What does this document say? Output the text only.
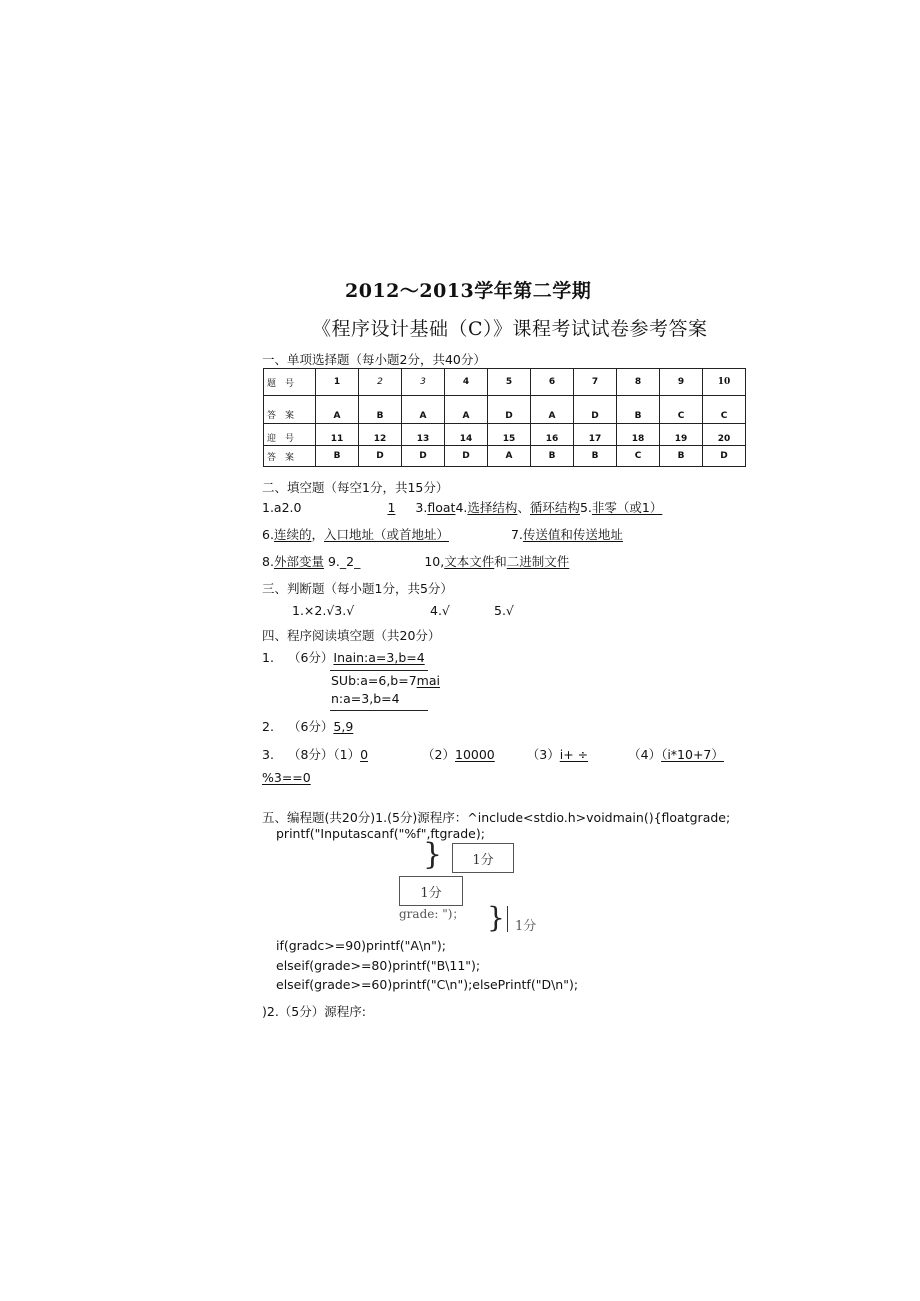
2012～2013学年第二学期
《程序设计基础（C）》课程考试试卷参考答案
一、单项选择题（每小题2分，共40分）
题号	1	2	3	4	5	6	7	8	9	10
答案	A	B	A	A	D	A	D	B	C	C
迎号	11	12	13	14	15	16	17	18	19	20
答案	B	D	D	D	A	B	B	C	B	D
二、填空题（每空1分，共15分）
1.a2.0	1 3.float4.选择结构、循环结构5.非零（或1）
6.连续的，入口地址（或首地址）	7.传送值和传送地址
8.外部变量 9._2_	10,文本文件和二进制文件
三、判断题（每小题1分，共5分）
1.×2.√3.√	4.√	5.√
四、程序阅读填空题（共20分）
1. （6分）Inain:a=3,b=4
SUb:a=6,b=7mai
n:a=3,b=4
2. （6分）5,9
3. （8分）（1）0	（2）10000	（3）i+ ÷	（4）（i*10+7）
%3==0
五、编程题(共20分)1.(5分)源程序：^include<stdio.h>voidmain(){floatgrade;
printf("Inputascanf("%f",ftgrade);
}	1分
1分
grade: ")； } 1分
if(gradc>=90)printf("A\n");
elseif(grade>=80)printf("B\11");
elseif(grade>=60)printf("C\n");elsePrintf("D\n");
)2.（5分）源程序:
